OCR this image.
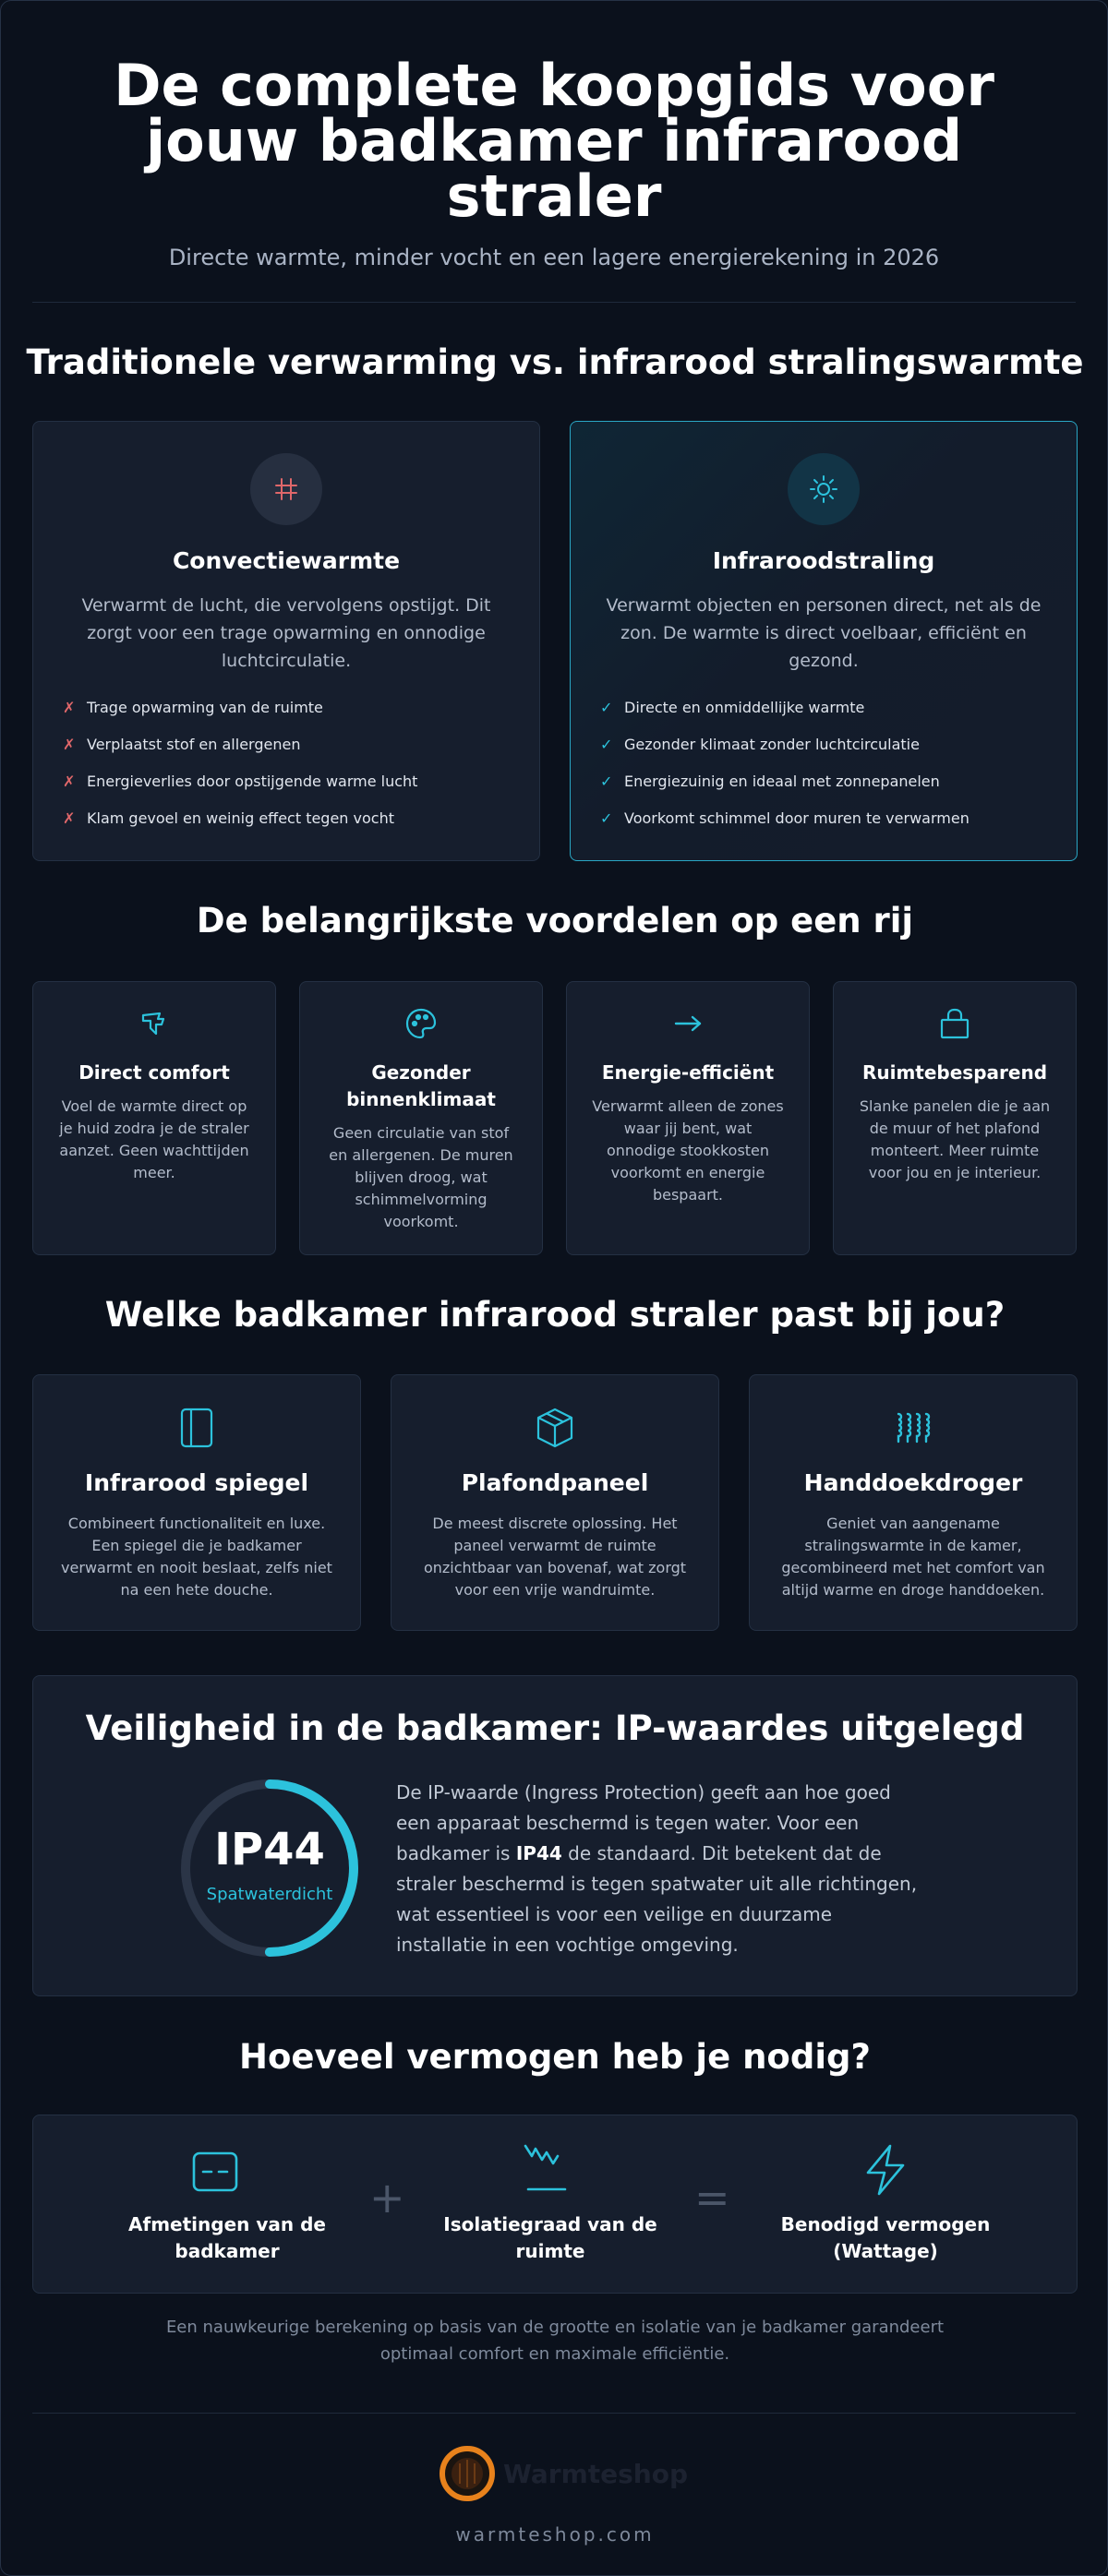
De complete koopgids voor jouw badkamer infrarood straler
Directe warmte, minder vocht en een lagere energierekening in 2026
Traditionele verwarming vs. infrarood stralingswarmte
Convectiewarmte
Verwarmt de lucht, die vervolgens opstijgt. Dit zorgt voor een trage opwarming en onnodige luchtcirculatie.
✗ Trage opwarming van de ruimte
✗ Verplaatst stof en allergenen
✗ Energieverlies door opstijgende warme lucht
✗ Klam gevoel en weinig effect tegen vocht
Infraroodstraling
Verwarmt objecten en personen direct, net als de zon. De warmte is direct voelbaar, efficiënt en gezond.
✓ Directe en onmiddellijke warmte
✓ Gezonder klimaat zonder luchtcirculatie
✓ Energiezuinig en ideaal met zonnepanelen
✓ Voorkomt schimmel door muren te verwarmen
De belangrijkste voordelen op een rij
Direct comfort
Voel de warmte direct op je huid zodra je de straler aanzet. Geen wachttijden meer.
Gezonder binnenklimaat
Geen circulatie van stof en allergenen. De muren blijven droog, wat schimmelvorming voorkomt.
Energie-efficiënt
Verwarmt alleen de zones waar jij bent, wat onnodige stookkosten voorkomt en energie bespaart.
Ruimtebesparend
Slanke panelen die je aan de muur of het plafond monteert. Meer ruimte voor jou en je interieur.
Welke badkamer infrarood straler past bij jou?
Infrarood spiegel
Combineert functionaliteit en luxe. Een spiegel die je badkamer verwarmt en nooit beslaat, zelfs niet na een hete douche.
Plafondpaneel
De meest discrete oplossing. Het paneel verwarmt de ruimte onzichtbaar van bovenaf, wat zorgt voor een vrije wandruimte.
Handdoekdroger
Geniet van aangename stralingswarmte in de kamer, gecombineerd met het comfort van altijd warme en droge handdoeken.
Veiligheid in de badkamer: IP-waardes uitgelegd
IP44
Spatwaterdicht
De IP-waarde (Ingress Protection) geeft aan hoe goed een apparaat beschermd is tegen water. Voor een badkamer is IP44 de standaard. Dit betekent dat de straler beschermd is tegen spatwater uit alle richtingen, wat essentieel is voor een veilige en duurzame installatie in een vochtige omgeving.
Hoeveel vermogen heb je nodig?
Afmetingen van de badkamer
+
Isolatiegraad van de ruimte
=
Benodigd vermogen (Wattage)
Een nauwkeurige berekening op basis van de grootte en isolatie van je badkamer garandeert optimaal comfort en maximale efficiëntie.
Warmteshop
warmteshop.com
